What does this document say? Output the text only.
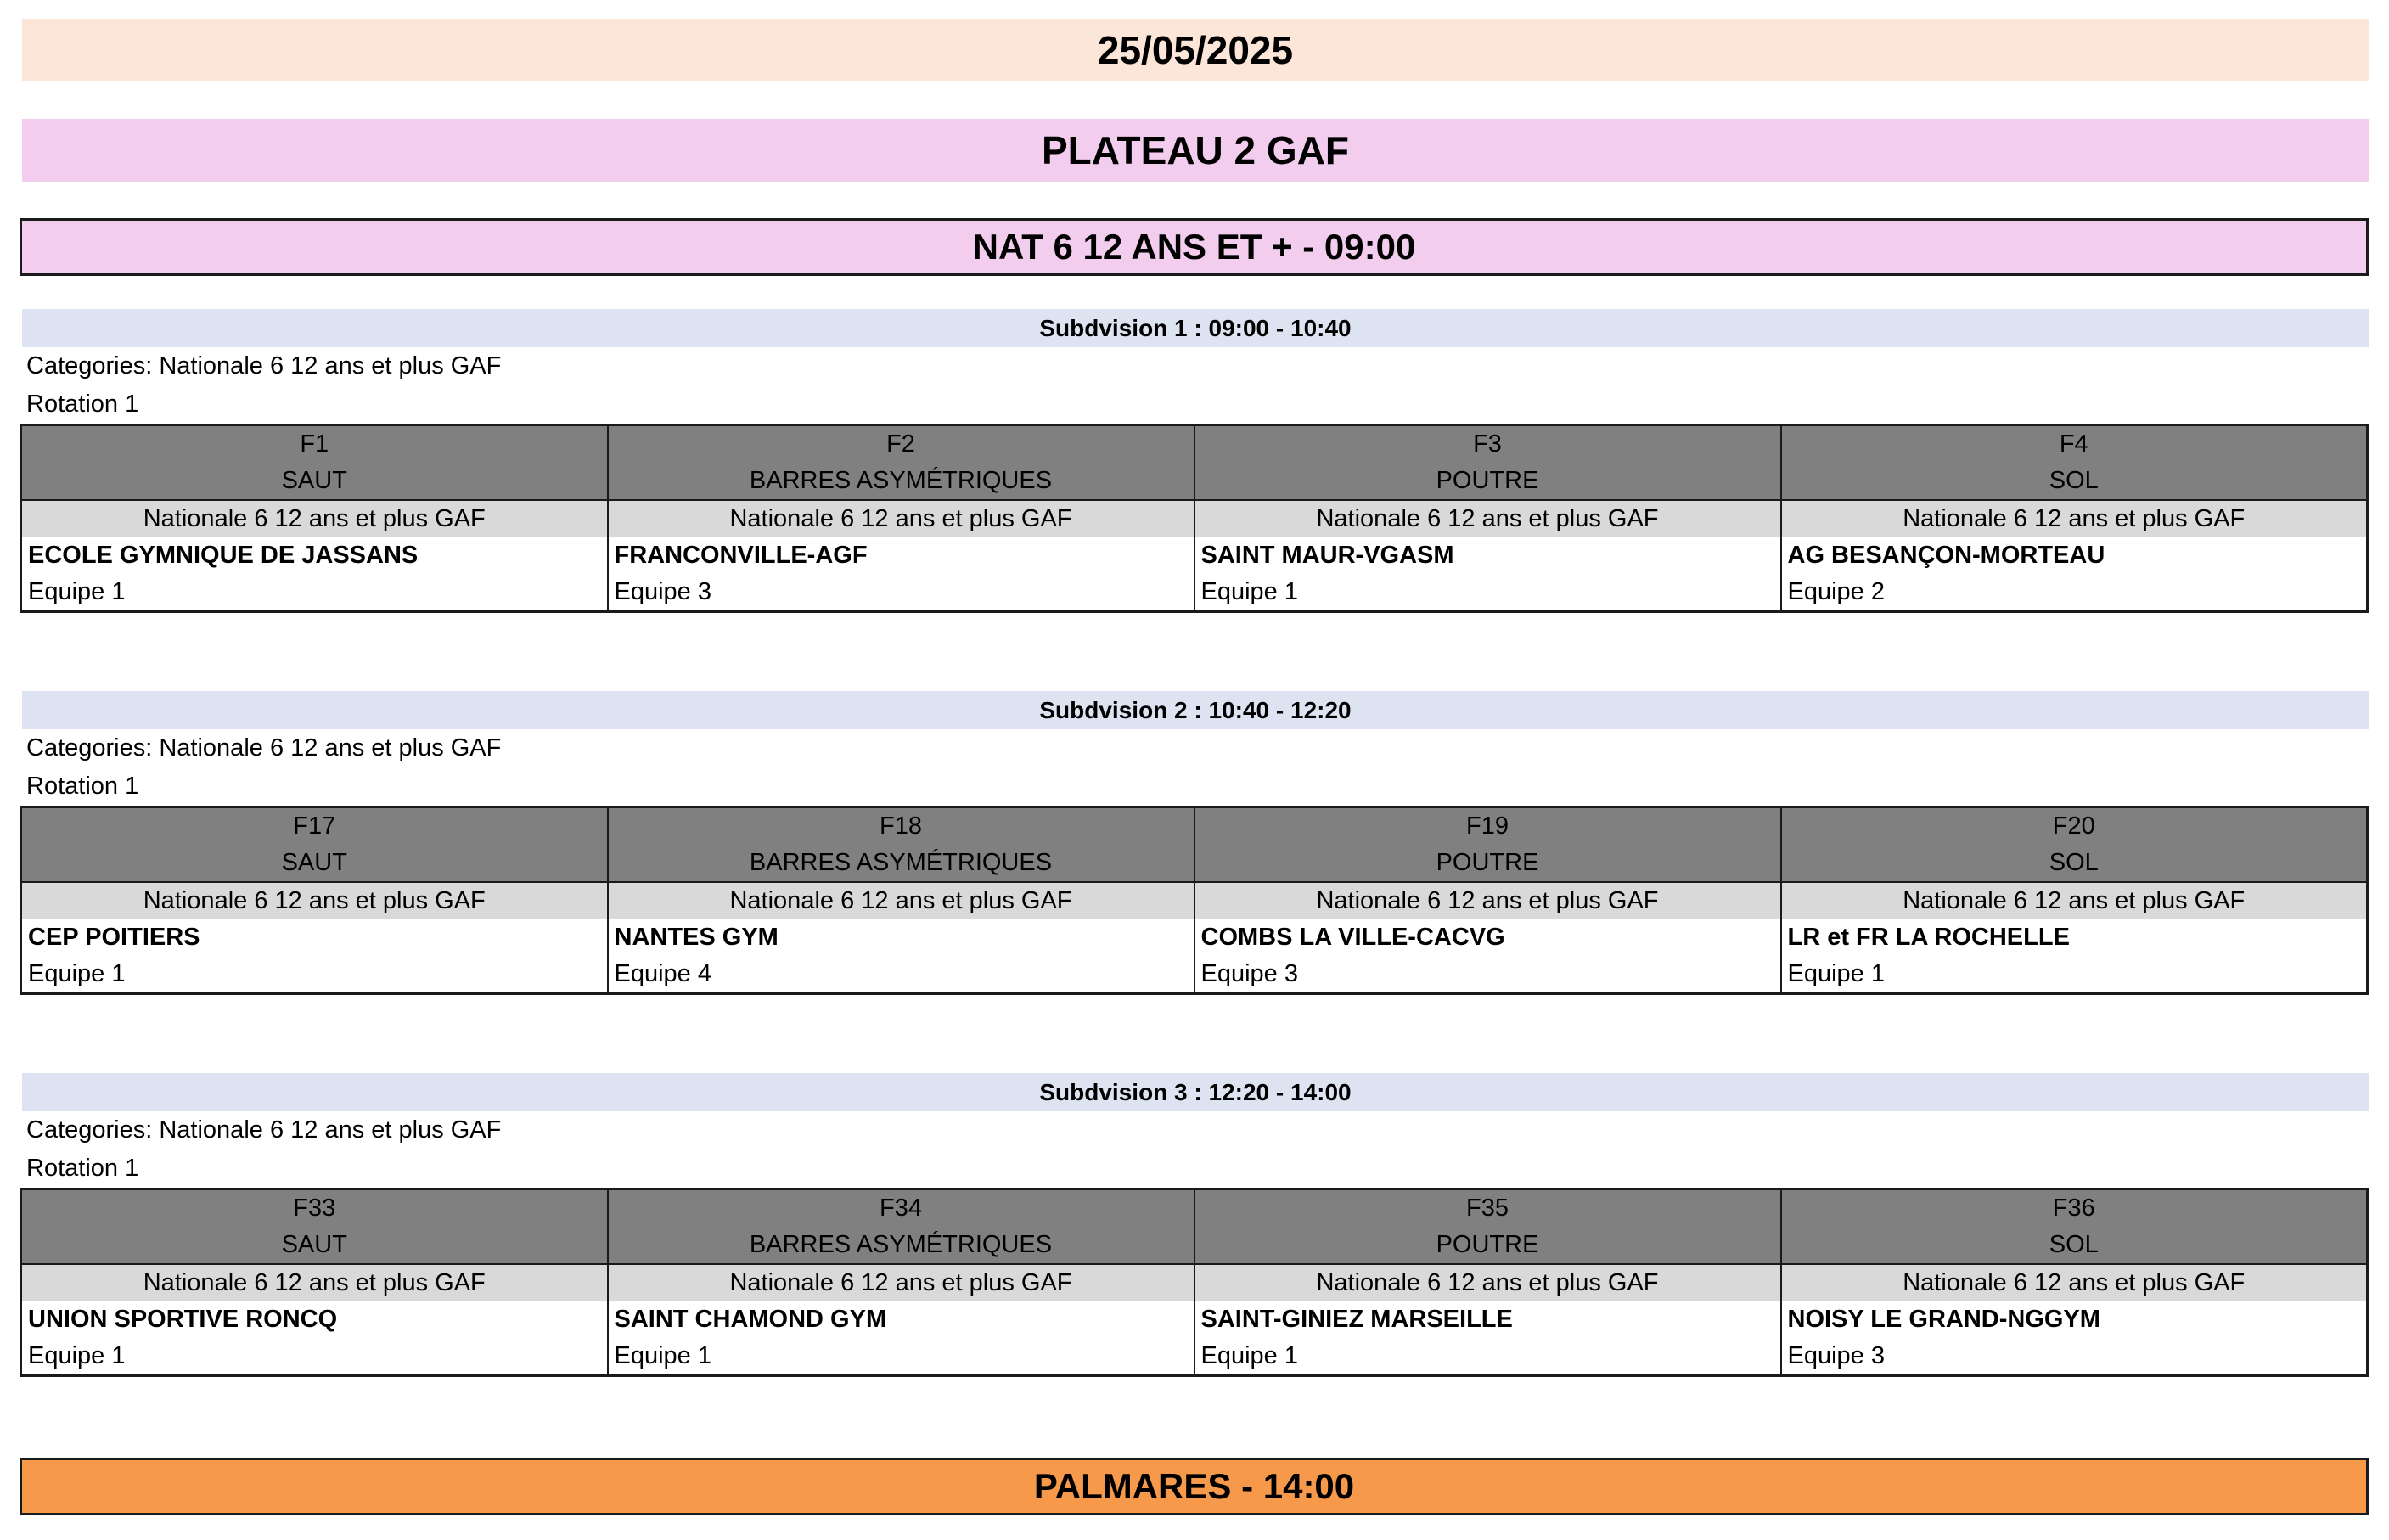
25/05/2025
PLATEAU 2 GAF
NAT 6 12 ANS ET + - 09:00
Subdvision 1 : 09:00 - 10:40
Categories: Nationale 6 12 ans et plus GAF
Rotation 1
F1	F2	F3	F4
SAUT	BARRES ASYMÉTRIQUES	POUTRE	SOL
Nationale 6 12 ans et plus GAF	Nationale 6 12 ans et plus GAF	Nationale 6 12 ans et plus GAF	Nationale 6 12 ans et plus GAF
ECOLE GYMNIQUE DE JASSANS	FRANCONVILLE-AGF	SAINT MAUR-VGASM	AG BESANÇON-MORTEAU
Equipe 1	Equipe 3	Equipe 1	Equipe 2
Subdvision 2 : 10:40 - 12:20
Categories: Nationale 6 12 ans et plus GAF
Rotation 1
F17	F18	F19	F20
SAUT	BARRES ASYMÉTRIQUES	POUTRE	SOL
Nationale 6 12 ans et plus GAF	Nationale 6 12 ans et plus GAF	Nationale 6 12 ans et plus GAF	Nationale 6 12 ans et plus GAF
CEP POITIERS	NANTES GYM	COMBS LA VILLE-CACVG	LR et FR LA ROCHELLE
Equipe 1	Equipe 4	Equipe 3	Equipe 1
Subdvision 3 : 12:20 - 14:00
Categories: Nationale 6 12 ans et plus GAF
Rotation 1
F33	F34	F35	F36
SAUT	BARRES ASYMÉTRIQUES	POUTRE	SOL
Nationale 6 12 ans et plus GAF	Nationale 6 12 ans et plus GAF	Nationale 6 12 ans et plus GAF	Nationale 6 12 ans et plus GAF
UNION SPORTIVE RONCQ	SAINT CHAMOND GYM	SAINT-GINIEZ MARSEILLE	NOISY LE GRAND-NGGYM
Equipe 1	Equipe 1	Equipe 1	Equipe 3
PALMARES - 14:00
